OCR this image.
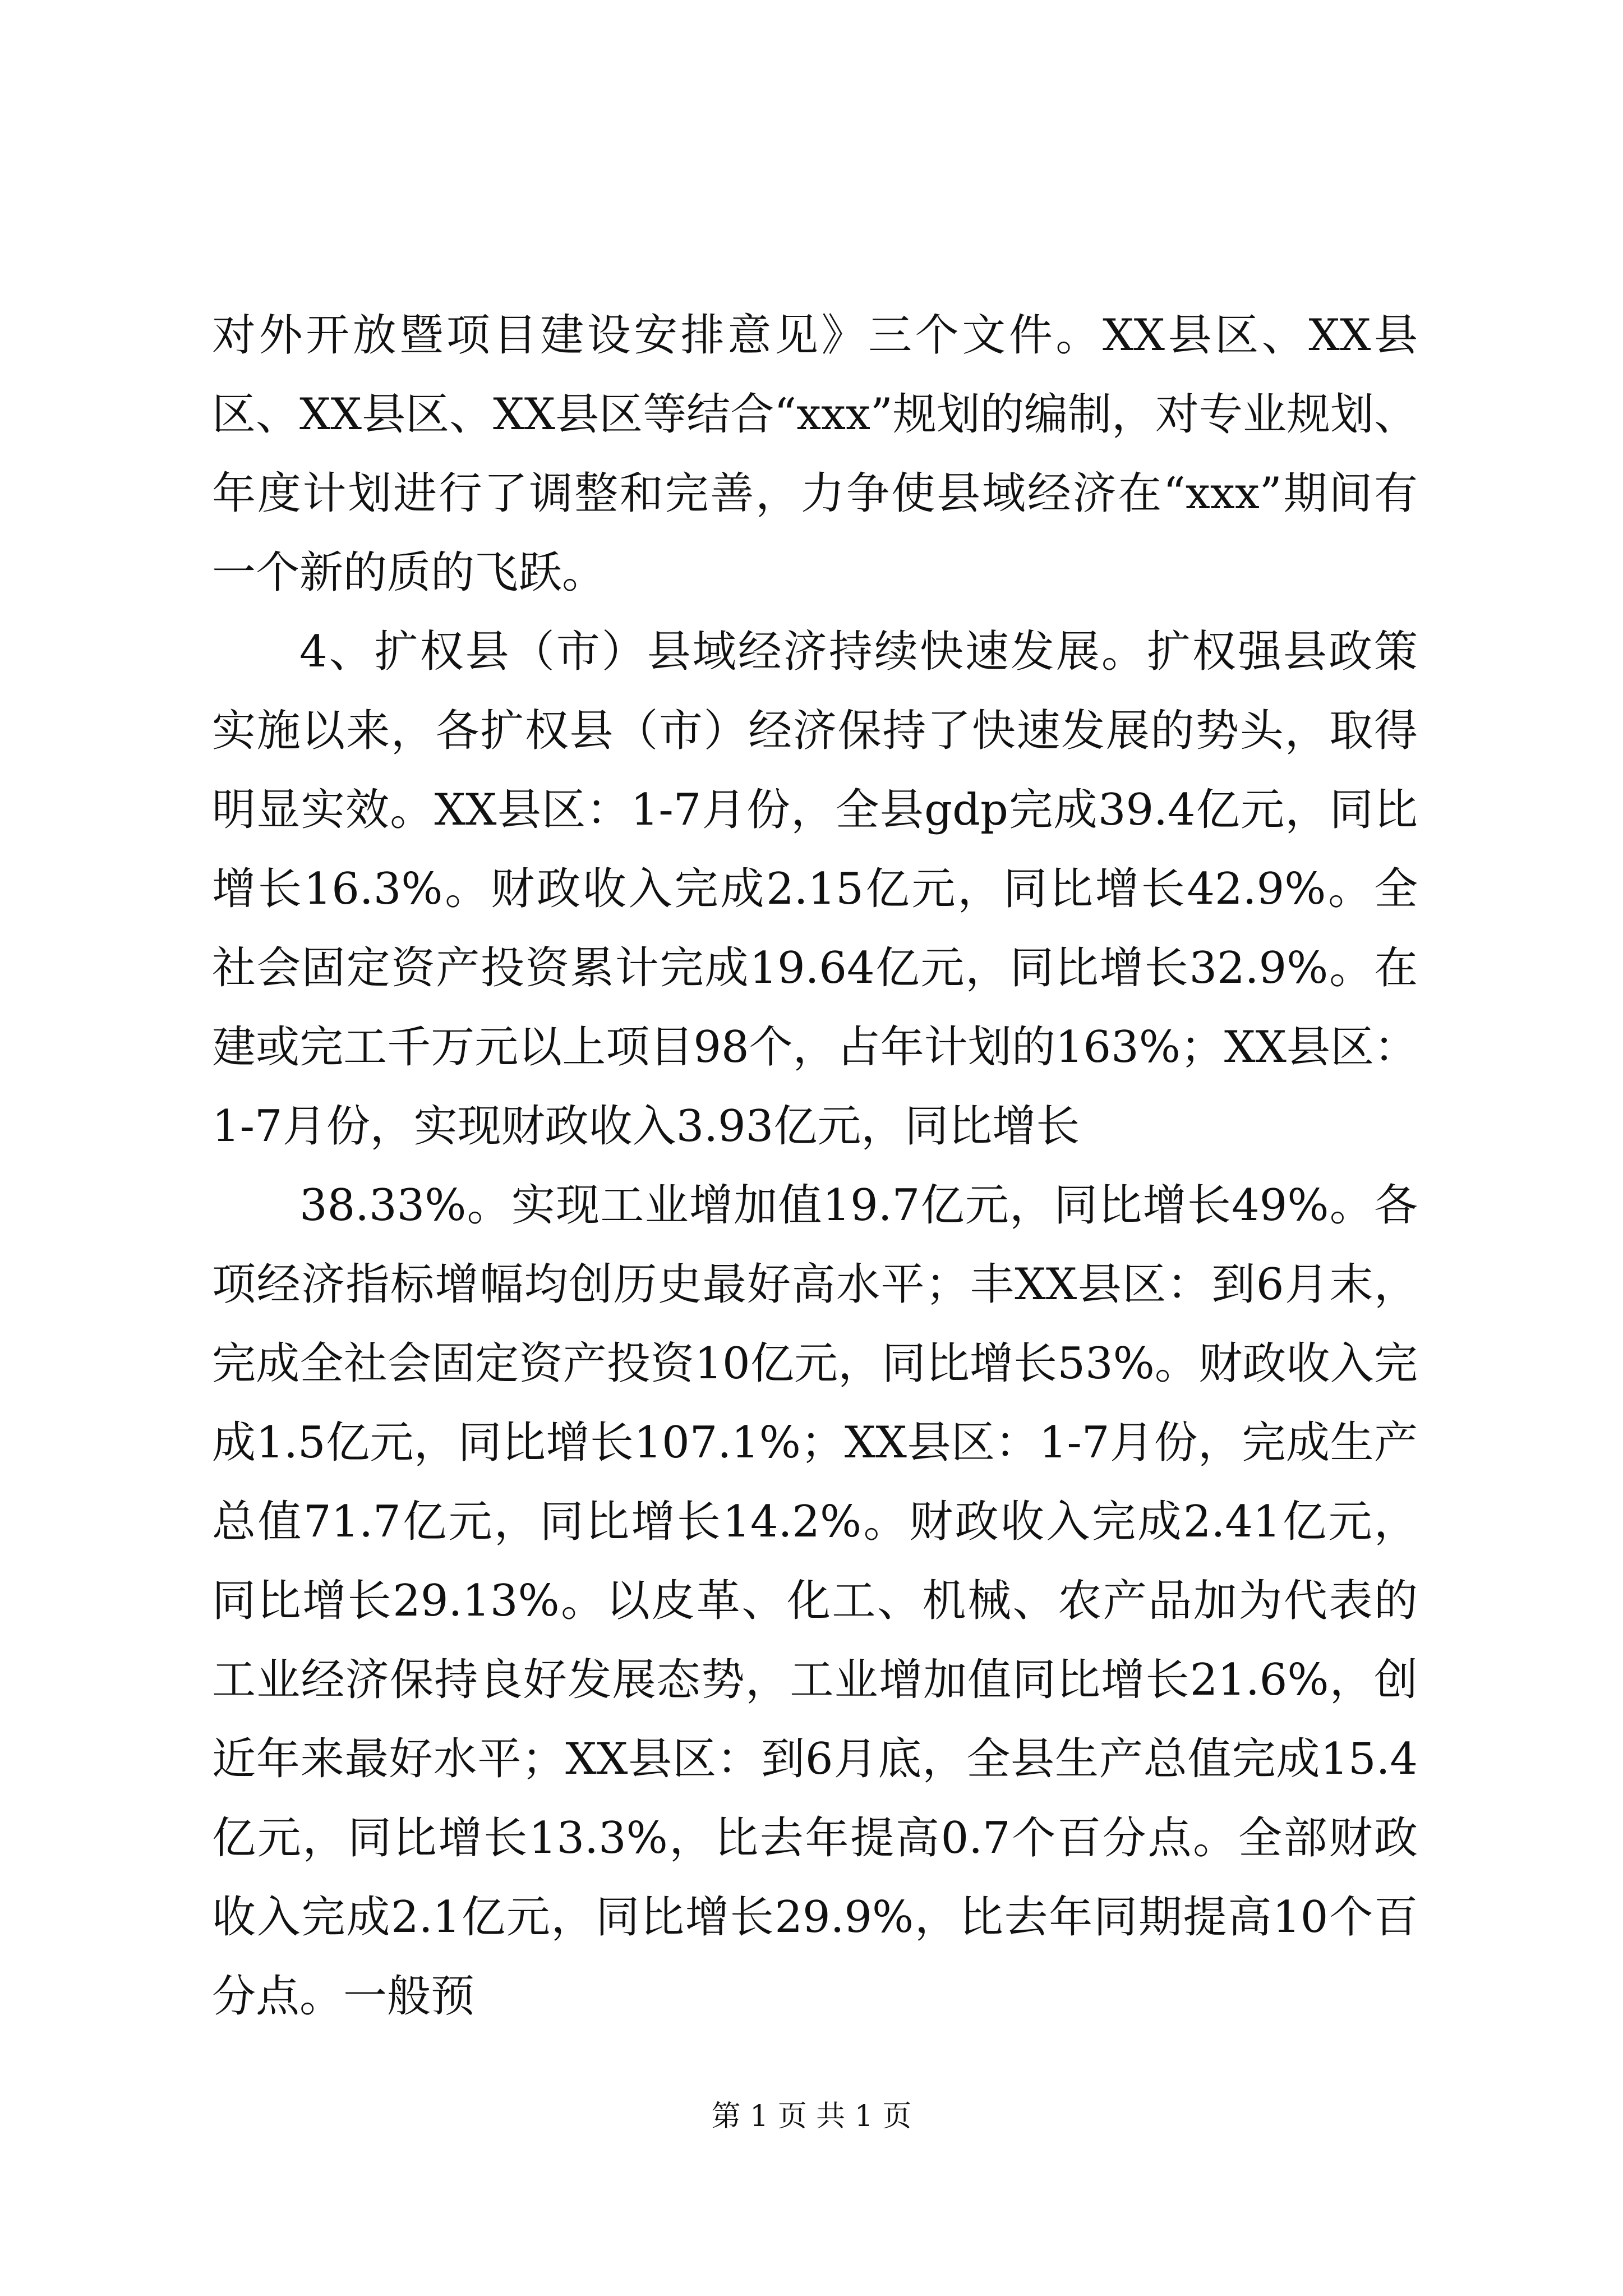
对外开放暨项目建设安排意见》三个文件。XX县区、XX县区、XX县区、XX县区等结合“xxx”规划的编制，对专业规划、年度计划进行了调整和完善，力争使县域经济在“xxx”期间有一个新的质的飞跃。

4、扩权县（市）县域经济持续快速发展。扩权强县政策实施以来，各扩权县（市）经济保持了快速发展的势头，取得明显实效。XX县区：1-7月份，全县gdp完成39.4亿元，同比增长16.3%。财政收入完成2.15亿元，同比增长42.9%。全社会固定资产投资累计完成19.64亿元，同比增长32.9%。在建或完工千万元以上项目98个，占年计划的163%；XX县区：1-7月份，实现财政收入3.93亿元，同比增长

38.33%。实现工业增加值19.7亿元，同比增长49%。各项经济指标增幅均创历史最好高水平；丰XX县区：到6月末，完成全社会固定资产投资10亿元，同比增长53%。财政收入完成1.5亿元，同比增长107.1%；XX县区：1-7月份，完成生产总值71.7亿元，同比增长14.2%。财政收入完成2.41亿元，同比增长29.13%。以皮革、化工、机械、农产品加为代表的工业经济保持良好发展态势，工业增加值同比增长21.6%，创近年来最好水平；XX县区：到6月底，全县生产总值完成15.4亿元，同比增长13.3%，比去年提高0.7个百分点。全部财政收入完成2.1亿元，同比增长29.9%，比去年同期提高10个百分点。一般预

第 1 页 共 1 页
